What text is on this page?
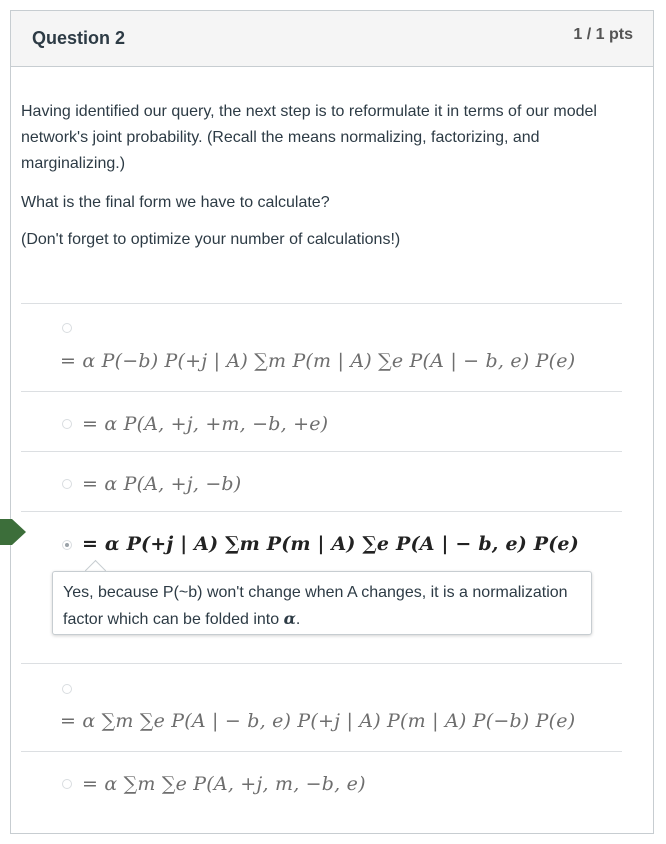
Question 2	1 / 1 pts
Having identified our query, the next step is to reformulate it in terms of our model network's joint probability. (Recall the means normalizing, factorizing, and marginalizing.)
What is the final form we have to calculate?
(Don't forget to optimize your number of calculations!)
= α P(−b) P(+j | A) ∑m P(m | A) ∑e P(A | − b, e) P(e)
= α P(A, +j, +m, −b, +e)
= α P(A, +j, −b)
= α P(+j | A) ∑m P(m | A) ∑e P(A | − b, e) P(e)
Yes, because P(~b) won't change when A changes, it is a normalization factor which can be folded into α.
= α ∑m ∑e P(A | − b, e) P(+j | A) P(m | A) P(−b) P(e)
= α ∑m ∑e P(A, +j, m, −b, e)
